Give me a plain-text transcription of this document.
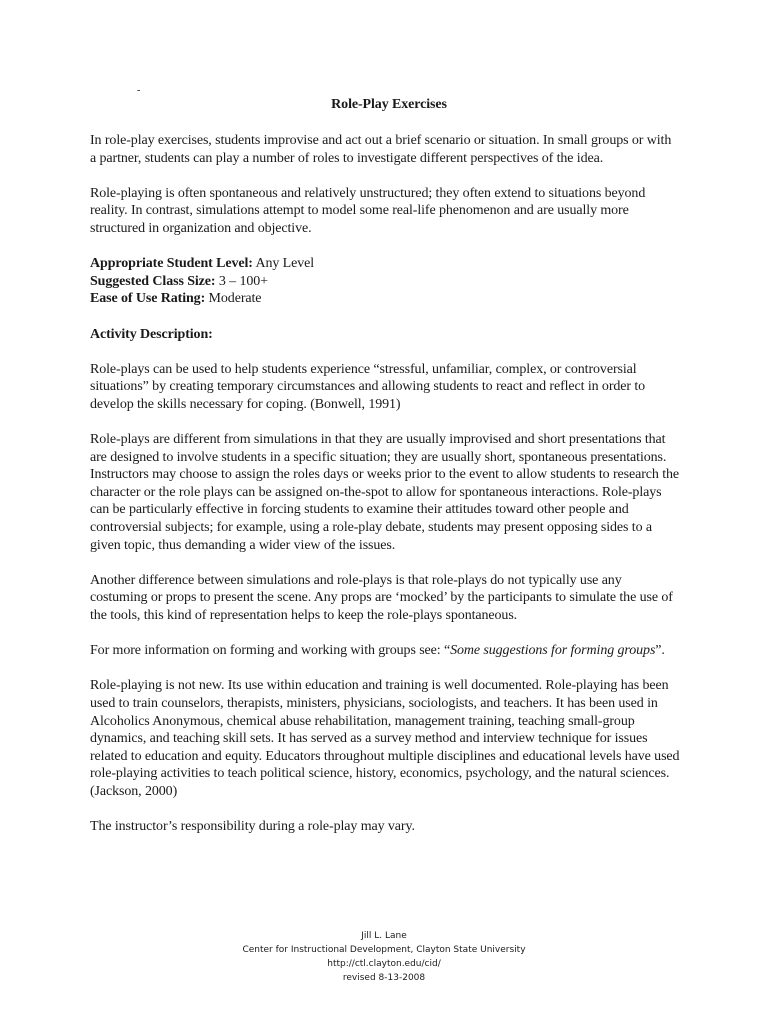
-
Role-Play Exercises

In role-play exercises, students improvise and act out a brief scenario or situation. In small groups or with a partner, students can play a number of roles to investigate different perspectives of the idea.

Role-playing is often spontaneous and relatively unstructured; they often extend to situations beyond reality. In contrast, simulations attempt to model some real-life phenomenon and are usually more structured in organization and objective.

Appropriate Student Level: Any Level
Suggested Class Size: 3 – 100+
Ease of Use Rating: Moderate
Activity Description:

Role-plays can be used to help students experience “stressful, unfamiliar, complex, or controversial situations” by creating temporary circumstances and allowing students to react and reflect in order to develop the skills necessary for coping. (Bonwell, 1991)

Role-plays are different from simulations in that they are usually improvised and short presentations that are designed to involve students in a specific situation; they are usually short, spontaneous presentations. Instructors may choose to assign the roles days or weeks prior to the event to allow students to research the character or the role plays can be assigned on-the-spot to allow for spontaneous interactions. Role-plays can be particularly effective in forcing students to examine their attitudes toward other people and controversial subjects; for example, using a role-play debate, students may present opposing sides to a given topic, thus demanding a wider view of the issues.

Another difference between simulations and role-plays is that role-plays do not typically use any costuming or props to present the scene. Any props are ‘mocked’ by the participants to simulate the use of the tools, this kind of representation helps to keep the role-plays spontaneous.

For more information on forming and working with groups see: “Some suggestions for forming groups”.

Role-playing is not new. Its use within education and training is well documented. Role-playing has been used to train counselors, therapists, ministers, physicians, sociologists, and teachers. It has been used in Alcoholics Anonymous, chemical abuse rehabilitation, management training, teaching small-group dynamics, and teaching skill sets. It has served as a survey method and interview technique for issues related to education and equity. Educators throughout multiple disciplines and educational levels have used role-playing activities to teach political science, history, economics, psychology, and the natural sciences. (Jackson, 2000)

The instructor’s responsibility during a role-play may vary.

Jill L. Lane
Center for Instructional Development, Clayton State University
http://ctl.clayton.edu/cid/
revised 8-13-2008
